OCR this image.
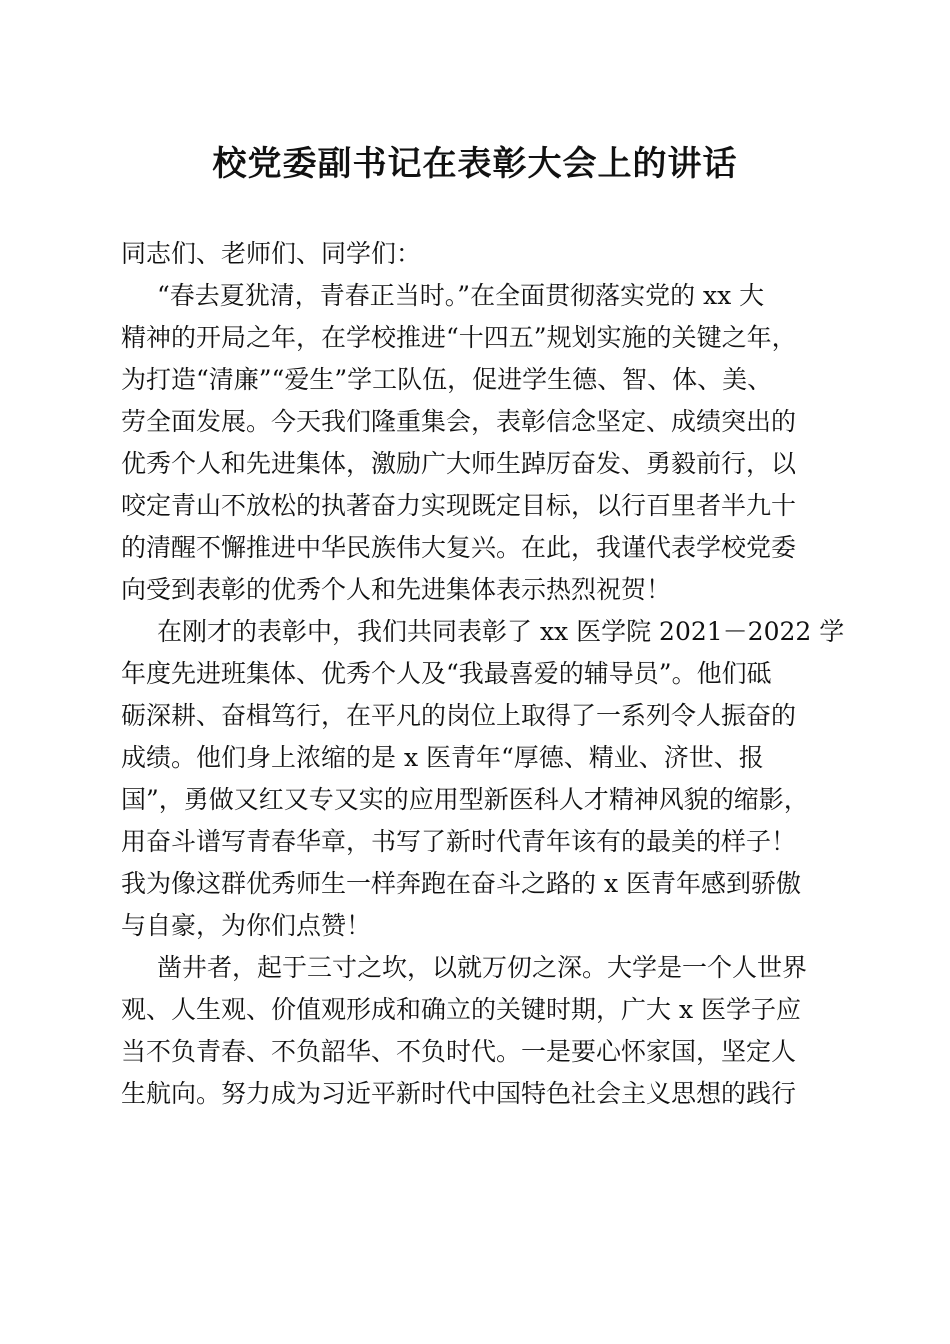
校党委副书记在表彰大会上的讲话
同志们、老师们、同学们：
“春去夏犹清，青春正当时。”在全面贯彻落实党的 xx 大
精神的开局之年，在学校推进“十四五”规划实施的关键之年，
为打造“清廉”“爱生”学工队伍，促进学生德、智、体、美、
劳全面发展。今天我们隆重集会，表彰信念坚定、成绩突出的
优秀个人和先进集体，激励广大师生踔厉奋发、勇毅前行，以
咬定青山不放松的执著奋力实现既定目标，以行百里者半九十
的清醒不懈推进中华民族伟大复兴。在此，我谨代表学校党委
向受到表彰的优秀个人和先进集体表示热烈祝贺！
在刚才的表彰中，我们共同表彰了 xx 医学院 2021－2022 学
年度先进班集体、优秀个人及“我最喜爱的辅导员”。他们砥
砺深耕、奋楫笃行，在平凡的岗位上取得了一系列令人振奋的
成绩。他们身上浓缩的是 x 医青年“厚德、精业、济世、报
国”，勇做又红又专又实的应用型新医科人才精神风貌的缩影，
用奋斗谱写青春华章，书写了新时代青年该有的最美的样子！
我为像这群优秀师生一样奔跑在奋斗之路的 x 医青年感到骄傲
与自豪，为你们点赞！
凿井者，起于三寸之坎，以就万仞之深。大学是一个人世界
观、人生观、价值观形成和确立的关键时期，广大 x 医学子应
当不负青春、不负韶华、不负时代。一是要心怀家国，坚定人
生航向。努力成为习近平新时代中国特色社会主义思想的践行
